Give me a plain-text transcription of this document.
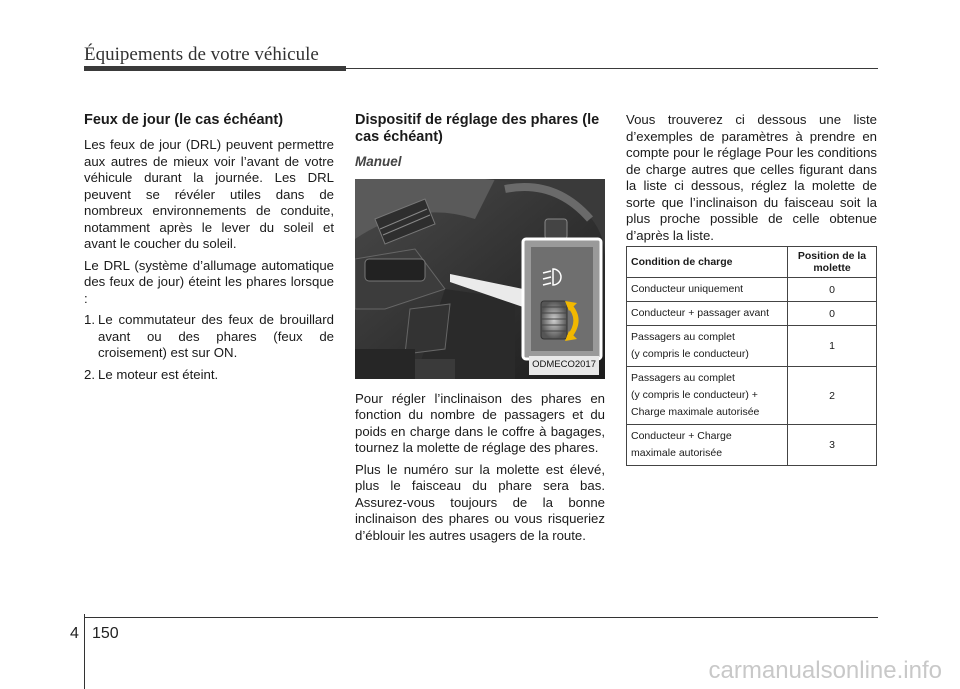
Équipements de votre véhicule
Feux de jour (le cas échéant)

Les feux de jour (DRL) peuvent permettre aux autres de mieux voir l’avant de votre véhicule durant la journée. Les DRL peuvent se révéler utiles dans de nombreux environnements de conduite, notamment après le lever du soleil et avant le coucher du soleil.

Le DRL (système d’allumage automatique des feux de jour) éteint les phares lorsque :

1. Le commutateur des feux de brouillard avant ou des phares (feux de croisement) est sur ON.
2. Le moteur est éteint.
Dispositif de réglage des phares (le cas échéant)
Manuel
ODMECO2017

Pour régler l’inclinaison des phares en fonction du nombre de passagers et du poids en charge dans le coffre à bagages, tournez la molette de réglage des phares.

Plus le numéro sur la molette est élevé, plus le faisceau du phare sera bas. Assurez-vous toujours de la bonne inclinaison des phares ou vous risqueriez d’éblouir les autres usagers de la route.

Vous trouverez ci dessous une liste d’exemples de paramètres à prendre en compte pour le réglage Pour les conditions de charge autres que celles figurant dans la liste ci dessous, réglez la molette de sorte que l’inclinaison du faisceau soit la plus proche possible de celle obtenue d’après la liste.

Condition de charge	Position de la molette

Conducteur uniquement	0

Conducteur + passager avant	0

Passagers au complet
(y compris le conducteur)	1

Passagers au complet
(y compris le conducteur) +
Charge maximale autorisée	2

Conducteur + Charge
maximale autorisée	3
4 150
carmanualsonline.info
